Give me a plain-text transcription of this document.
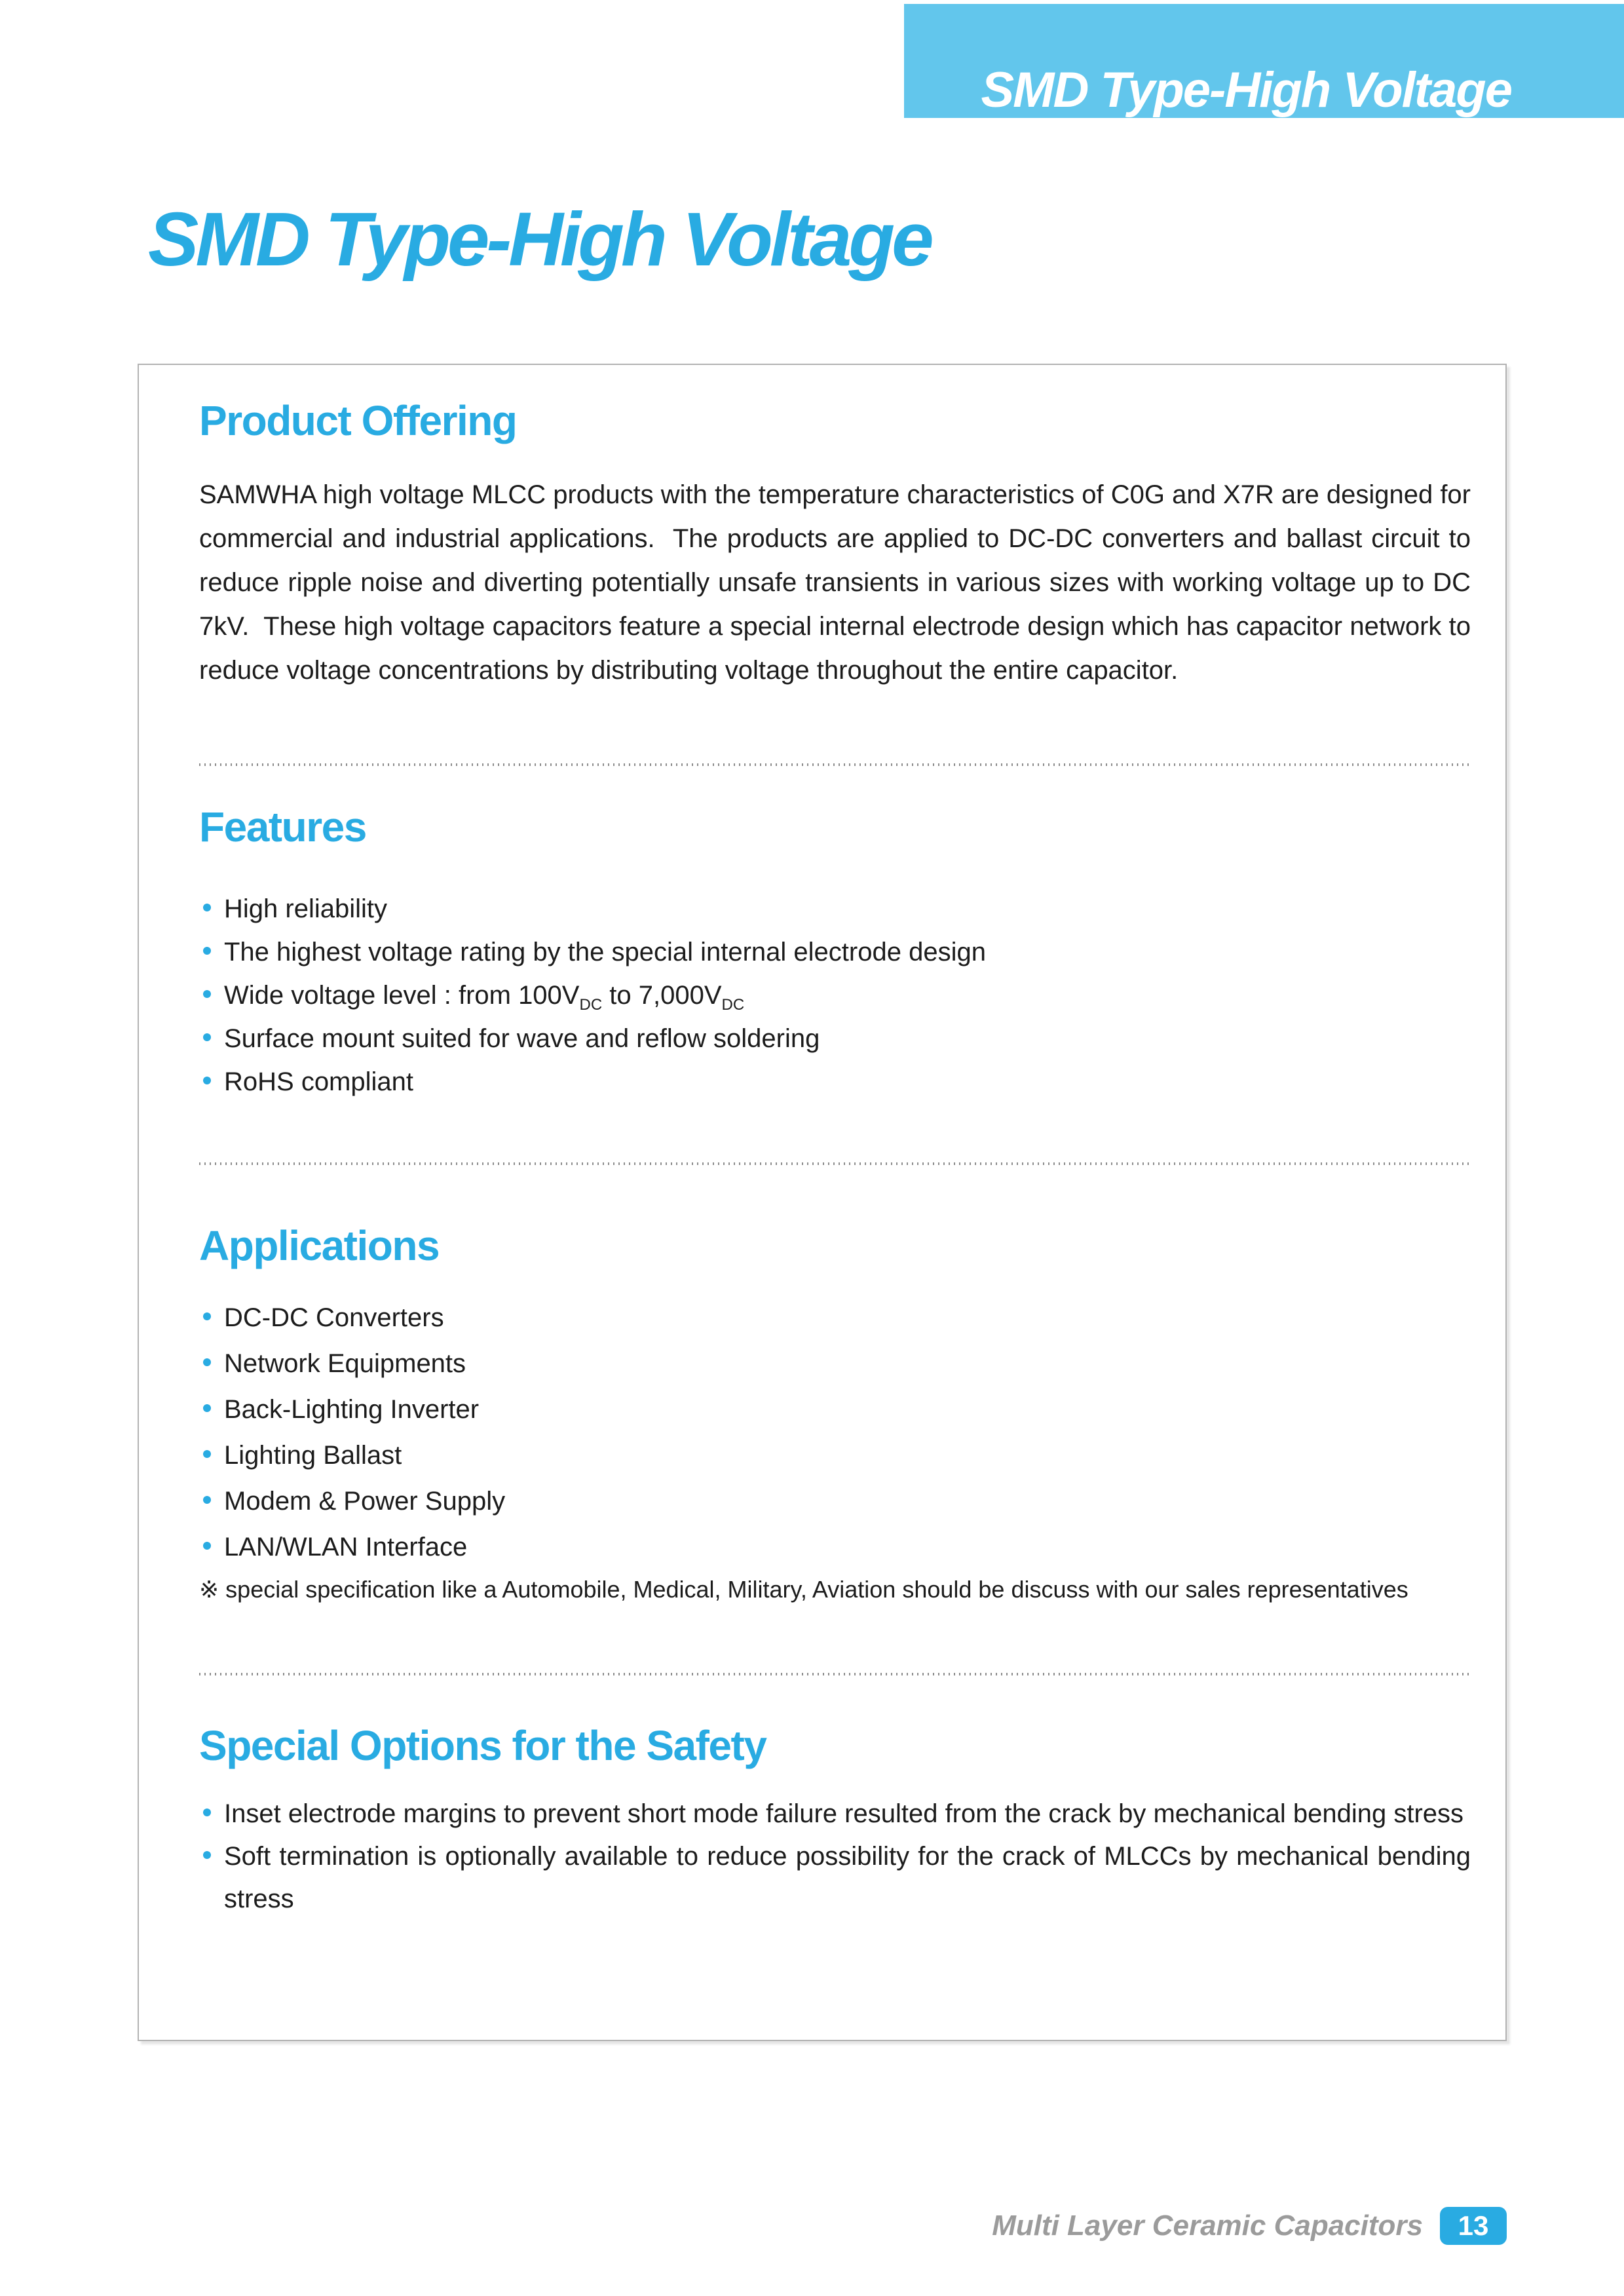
SMD Type-High Voltage
SMD Type-High Voltage
Product Offering

SAMWHA high voltage MLCC products with the temperature characteristics of C0G and X7R are designed for commercial and industrial applications.  The products are applied to DC-DC converters and ballast circuit to reduce ripple noise and diverting potentially unsafe transients in various sizes with working voltage up to DC 7kV.  These high voltage capacitors feature a special internal electrode design which has capacitor network to reduce voltage concentrations by distributing voltage throughout the entire capacitor.

Features
High reliability
The highest voltage rating by the special internal electrode design
Wide voltage level : from $100V_{DC}$ to $7,000V_{DC}$
Surface mount suited for wave and reflow soldering
RoHS compliant
Applications
DC-DC Converters
Network Equipments
Back-Lighting Inverter
Lighting Ballast
Modem & Power Supply
LAN/WLAN Interface

※ special specification like a Automobile, Medical, Military, Aviation should be discuss with our sales representatives

Special Options for the Safety
Inset electrode margins to prevent short mode failure resulted from the crack by mechanical bending stress
Soft termination is optionally available to reduce possibility for the crack of MLCCs by mechanical bending stress
Multi Layer Ceramic Capacitors	13
